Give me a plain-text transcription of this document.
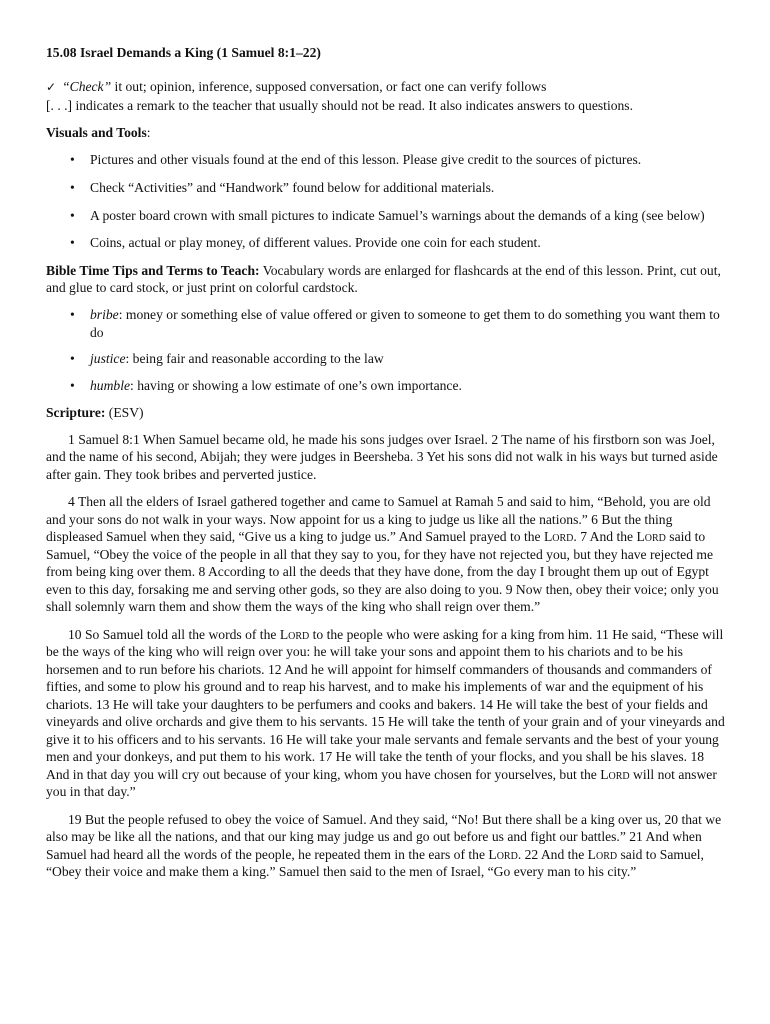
15.08 Israel Demands a King (1 Samuel 8:1–22)
✓ “Check” it out; opinion, inference, supposed conversation, or fact one can verify follows
[. . .] indicates a remark to the teacher that usually should not be read. It also indicates answers to questions.

Visuals and Tools:

• Pictures and other visuals found at the end of this lesson. Please give credit to the sources of pictures.
• Check “Activities” and “Handwork” found below for additional materials.
• A poster board crown with small pictures to indicate Samuel’s warnings about the demands of a king (see below)
• Coins, actual or play money, of different values. Provide one coin for each student.

Bible Time Tips and Terms to Teach: Vocabulary words are enlarged for flashcards at the end of this lesson. Print, cut out, and glue to card stock, or just print on colorful cardstock.

• bribe: money or something else of value offered or given to someone to get them to do something you want them to do
• justice: being fair and reasonable according to the law
• humble: having or showing a low estimate of one’s own importance.

Scripture: (ESV)

1 Samuel 8:1 When Samuel became old, he made his sons judges over Israel. 2 The name of his firstborn son was Joel, and the name of his second, Abijah; they were judges in Beersheba. 3 Yet his sons did not walk in his ways but turned aside after gain. They took bribes and perverted justice.

4 Then all the elders of Israel gathered together and came to Samuel at Ramah 5 and said to him, “Behold, you are old and your sons do not walk in your ways. Now appoint for us a king to judge us like all the nations.” 6 But the thing displeased Samuel when they said, “Give us a king to judge us.” And Samuel prayed to the Lord. 7 And the Lord said to Samuel, “Obey the voice of the people in all that they say to you, for they have not rejected you, but they have rejected me from being king over them. 8 According to all the deeds that they have done, from the day I brought them up out of Egypt even to this day, forsaking me and serving other gods, so they are also doing to you. 9 Now then, obey their voice; only you shall solemnly warn them and show them the ways of the king who shall reign over them.”

10 So Samuel told all the words of the Lord to the people who were asking for a king from him. 11 He said, “These will be the ways of the king who will reign over you: he will take your sons and appoint them to his chariots and to be his horsemen and to run before his chariots. 12 And he will appoint for himself commanders of thousands and commanders of fifties, and some to plow his ground and to reap his harvest, and to make his implements of war and the equipment of his chariots. 13 He will take your daughters to be perfumers and cooks and bakers. 14 He will take the best of your fields and vineyards and olive orchards and give them to his servants. 15 He will take the tenth of your grain and of your vineyards and give it to his officers and to his servants. 16 He will take your male servants and female servants and the best of your young men and your donkeys, and put them to his work. 17 He will take the tenth of your flocks, and you shall be his slaves. 18 And in that day you will cry out because of your king, whom you have chosen for yourselves, but the Lord will not answer you in that day.”

19 But the people refused to obey the voice of Samuel. And they said, “No! But there shall be a king over us, 20 that we also may be like all the nations, and that our king may judge us and go out before us and fight our battles.” 21 And when Samuel had heard all the words of the people, he repeated them in the ears of the Lord. 22 And the Lord said to Samuel, “Obey their voice and make them a king.” Samuel then said to the men of Israel, “Go every man to his city.”
